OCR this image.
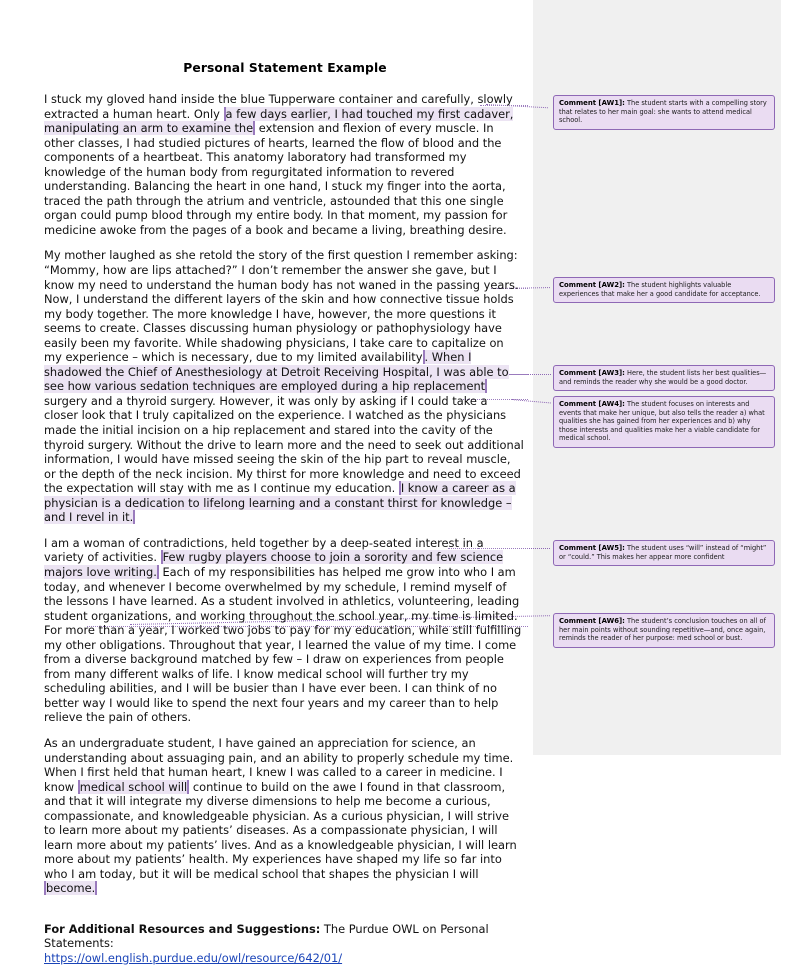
Personal Statement Example

I stuck my gloved hand inside the blue Tupperware container and carefully, slowly extracted a human heart. Only a few days earlier, I had touched my first cadaver, manipulating an arm to examine the extension and flexion of every muscle. In other classes, I had studied pictures of hearts, learned the flow of blood and the components of a heartbeat. This anatomy laboratory had transformed my knowledge of the human body from regurgitated information to revered understanding. Balancing the heart in one hand, I stuck my finger into the aorta, traced the path through the atrium and ventricle, astounded that this one single organ could pump blood through my entire body. In that moment, my passion for medicine awoke from the pages of a book and became a living, breathing desire.

My mother laughed as she retold the story of the first question I remember asking: “Mommy, how are lips attached?” I don’t remember the answer she gave, but I know my need to understand the human body has not waned in the passing years. Now, I understand the different layers of the skin and how connective tissue holds my body together. The more knowledge I have, however, the more questions it seems to create. Classes discussing human physiology or pathophysiology have easily been my favorite. While shadowing physicians, I take care to capitalize on my experience – which is necessary, due to my limited availability . When I shadowed the Chief of Anesthesiology at Detroit Receiving Hospital, I was able to see how various sedation techniques are employed during a hip replacement surgery and a thyroid surgery. However, it was only by asking if I could take a closer look that I truly capitalized on the experience. I watched as the physicians made the initial incision on a hip replacement and stared into the cavity of the thyroid surgery. Without the drive to learn more and the need to seek out additional information, I would have missed seeing the skin of the hip part to reveal muscle, or the depth of the neck incision. My thirst for more knowledge and need to exceed the expectation will stay with me as I continue my education. I know a career as a physician is a dedication to lifelong learning and a constant thirst for knowledge – and I revel in it.

I am a woman of contradictions, held together by a deep-seated interest in a variety of activities. Few rugby players choose to join a sorority and few science majors love writing. Each of my responsibilities has helped me grow into who I am today, and whenever I become overwhelmed by my schedule, I remind myself of the lessons I have learned. As a student involved in athletics, volunteering, leading student organizations, and working throughout the school year, my time is limited. For more than a year, I worked two jobs to pay for my education, while still fulfilling my other obligations. Throughout that year, I learned the value of my time. I come from a diverse background matched by few – I draw on experiences from people from many different walks of life. I know medical school will further try my scheduling abilities, and I will be busier than I have ever been. I can think of no better way I would like to spend the next four years and my career than to help relieve the pain of others.

As an undergraduate student, I have gained an appreciation for science, an understanding about assuaging pain, and an ability to properly schedule my time. When I first held that human heart, I knew I was called to a career in medicine. I know medical school will continue to build on the awe I found in that classroom, and that it will integrate my diverse dimensions to help me become a curious, compassionate, and knowledgeable physician. As a curious physician, I will strive to learn more about my patients’ diseases. As a compassionate physician, I will learn more about my patients’ lives. And as a knowledgeable physician, I will learn more about my patients’ health. My experiences have shaped my life so far into who I am today, but it will be medical school that shapes the physician I will become.

For Additional Resources and Suggestions: The Purdue OWL on Personal Statements:
https://owl.english.purdue.edu/owl/resource/642/01/

Comment [AW1]: The student starts with a compelling story that relates to her main goal: she wants to attend medical school.
Comment [AW2]: The student highlights valuable experiences that make her a good candidate for acceptance.
Comment [AW3]: Here, the student lists her best qualities—and reminds the reader why she would be a good doctor.
Comment [AW4]: The student focuses on interests and events that make her unique, but also tells the reader a) what qualities she has gained from her experiences and b) why those interests and qualities make her a viable candidate for medical school.
Comment [AW5]: The student uses “will” instead of “might” or “could.” This makes her appear more confident
Comment [AW6]: The student’s conclusion touches on all of her main points without sounding repetitive—and, once again, reminds the reader of her purpose: med school or bust.
